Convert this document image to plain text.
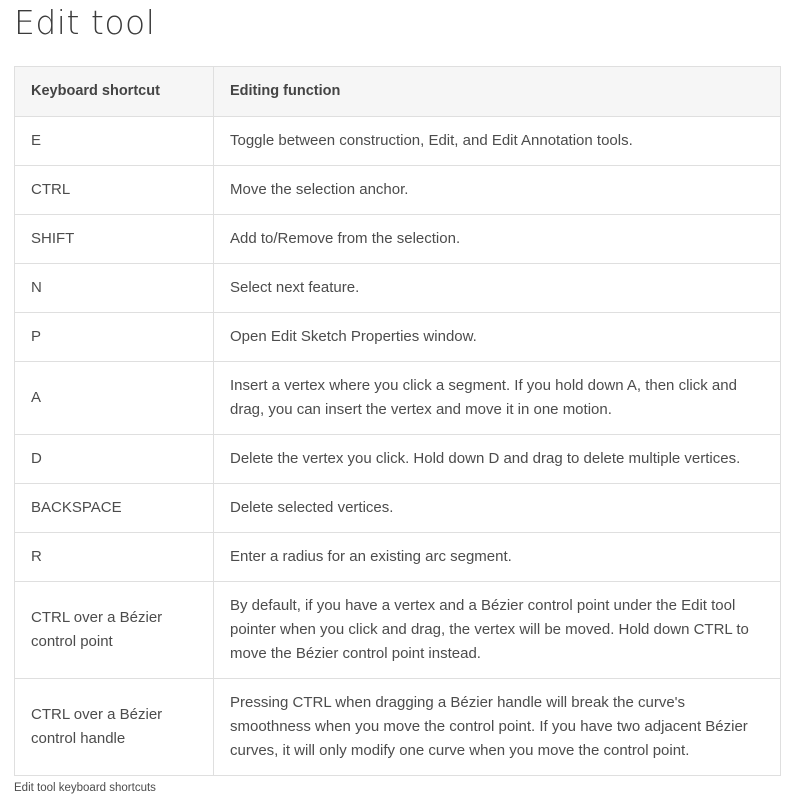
Edit tool
Keyboard shortcut	Editing function
E	Toggle between construction, Edit, and Edit Annotation tools.
CTRL	Move the selection anchor.
SHIFT	Add to/Remove from the selection.
N	Select next feature.
P	Open Edit Sketch Properties window.
A	Insert a vertex where you click a segment. If you hold down A, then click and drag, you can insert the vertex and move it in one motion.
D	Delete the vertex you click. Hold down D and drag to delete multiple vertices.
BACKSPACE	Delete selected vertices.
R	Enter a radius for an existing arc segment.
CTRL over a Bézier control point	By default, if you have a vertex and a Bézier control point under the Edit tool pointer when you click and drag, the vertex will be moved. Hold down CTRL to move the Bézier control point instead.
CTRL over a Bézier control handle	Pressing CTRL when dragging a Bézier handle will break the curve's smoothness when you move the control point. If you have two adjacent Bézier curves, it will only modify one curve when you move the control point.
Edit tool keyboard shortcuts
